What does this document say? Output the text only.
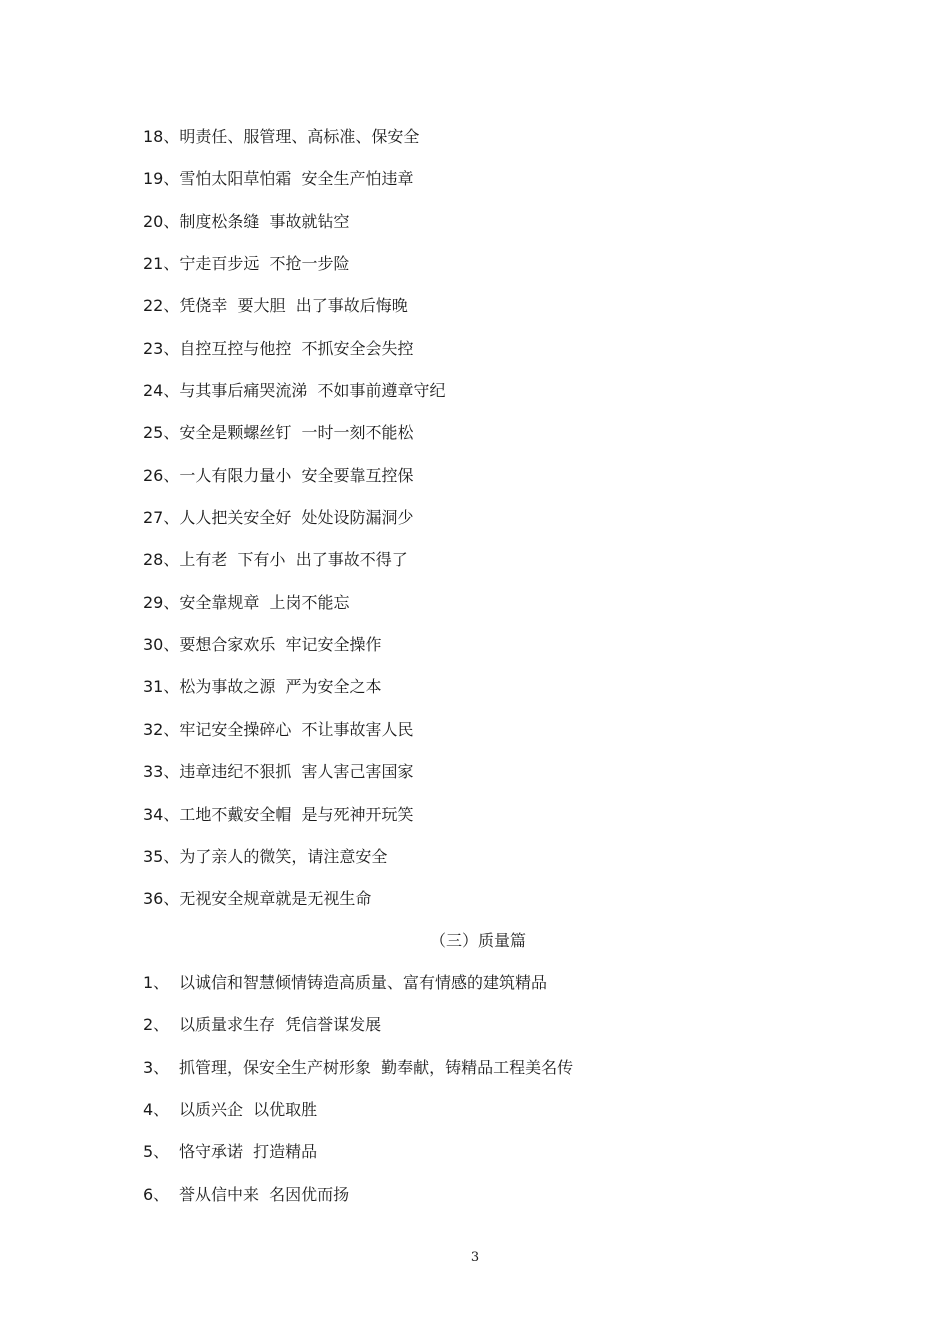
18、明责任、服管理、高标准、保安全
19、雪怕太阳草怕霜  安全生产怕违章
20、制度松条缝  事故就钻空
21、宁走百步远  不抢一步险
22、凭侥幸  要大胆  出了事故后悔晚
23、自控互控与他控  不抓安全会失控
24、与其事后痛哭流涕  不如事前遵章守纪
25、安全是颗螺丝钉  一时一刻不能松
26、一人有限力量小  安全要靠互控保
27、人人把关安全好  处处设防漏洞少
28、上有老  下有小  出了事故不得了
29、安全靠规章  上岗不能忘
30、要想合家欢乐  牢记安全操作
31、松为事故之源  严为安全之本
32、牢记安全操碎心  不让事故害人民
33、违章违纪不狠抓  害人害己害国家
34、工地不戴安全帽  是与死神开玩笑
35、为了亲人的微笑，请注意安全
36、无视安全规章就是无视生命
（三）质量篇
1、 以诚信和智慧倾情铸造高质量、富有情感的建筑精品
2、 以质量求生存  凭信誉谋发展
3、 抓管理，保安全生产树形象  勤奉献，铸精品工程美名传
4、 以质兴企  以优取胜
5、 恪守承诺  打造精品
6、 誉从信中来  名因优而扬
3
